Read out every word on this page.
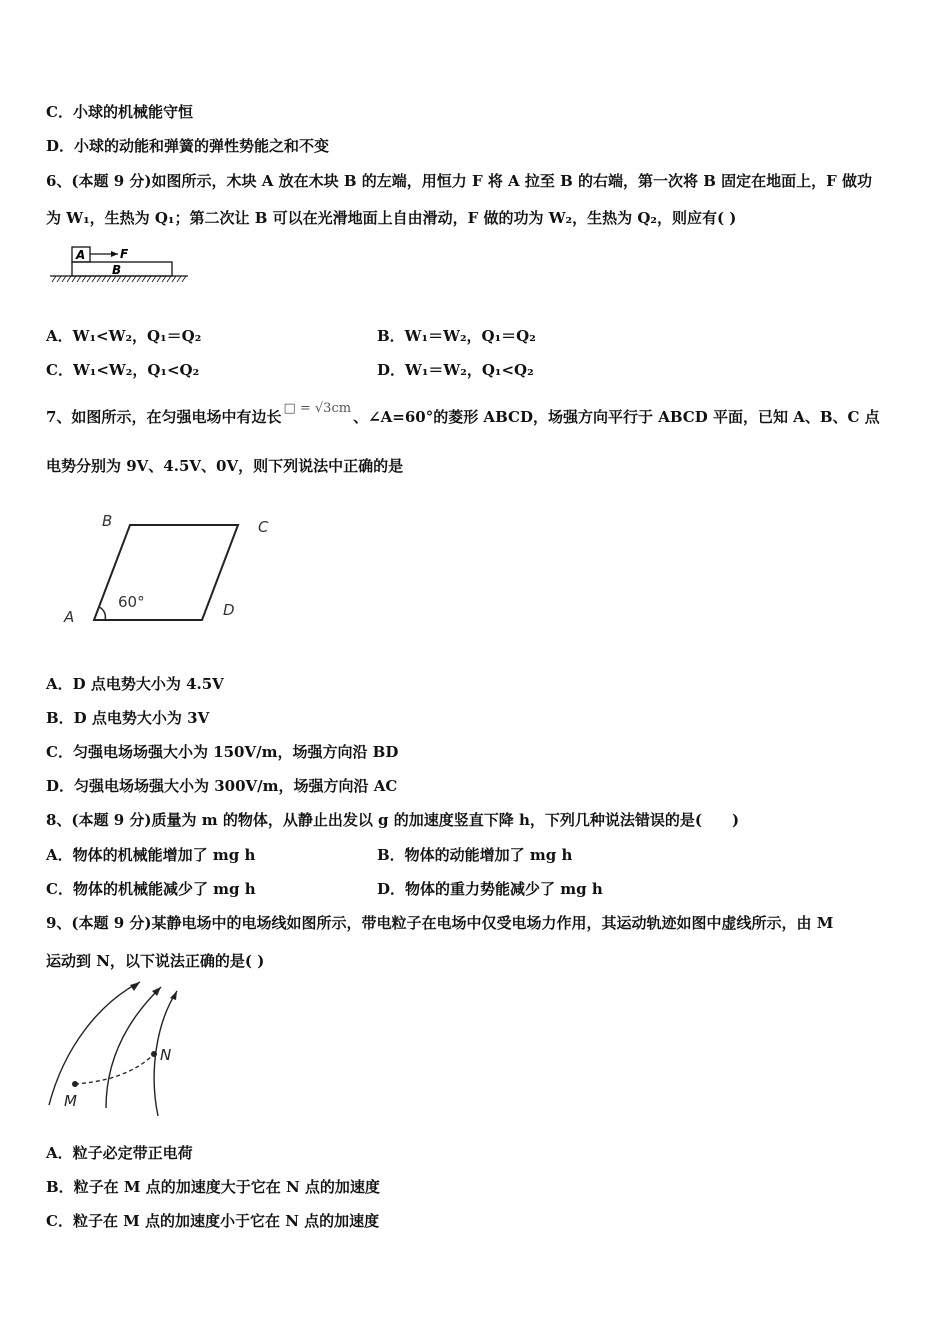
C．小球的机械能守恒
D．小球的动能和弹簧的弹性势能之和不变
6、(本题 9 分)如图所示，木块 A 放在木块 B 的左端，用恒力 F 将 A 拉至 B 的右端，第一次将 B 固定在地面上，F 做功
为 W₁，生热为 Q₁；第二次让 B 可以在光滑地面上自由滑动，F 做的功为 W₂，生热为 Q₂，则应有( )
A	F
B
A．W₁<W₂，Q₁＝Q₂	B．W₁＝W₂，Q₁＝Q₂
C．W₁<W₂，Q₁<Q₂	D．W₁＝W₂，Q₁<Q₂
7、如图所示，在匀强电场中有边长 □ = √3cm 、∠A=60°的菱形 ABCD，场强方向平行于 ABCD 平面，已知 A、B、C 点
电势分别为 9V、4.5V、0V，则下列说法中正确的是
B	C
A	D
60°
A．D 点电势大小为 4.5V
B．D 点电势大小为 3V
C．匀强电场场强大小为 150V/m，场强方向沿 BD
D．匀强电场场强大小为 300V/m，场强方向沿 AC
8、(本题 9 分)质量为 m 的物体，从静止出发以 g 的加速度竖直下降 h，下列几种说法错误的是(　　)
A．物体的机械能增加了 mg h	B．物体的动能增加了 mg h
C．物体的机械能减少了 mg h	D．物体的重力势能减少了 mg h
9、(本题 9 分)某静电场中的电场线如图所示，带电粒子在电场中仅受电场力作用，其运动轨迹如图中虚线所示，由 M
运动到 N，以下说法正确的是( )
M
N
A．粒子必定带正电荷
B．粒子在 M 点的加速度大于它在 N 点的加速度
C．粒子在 M 点的加速度小于它在 N 点的加速度
